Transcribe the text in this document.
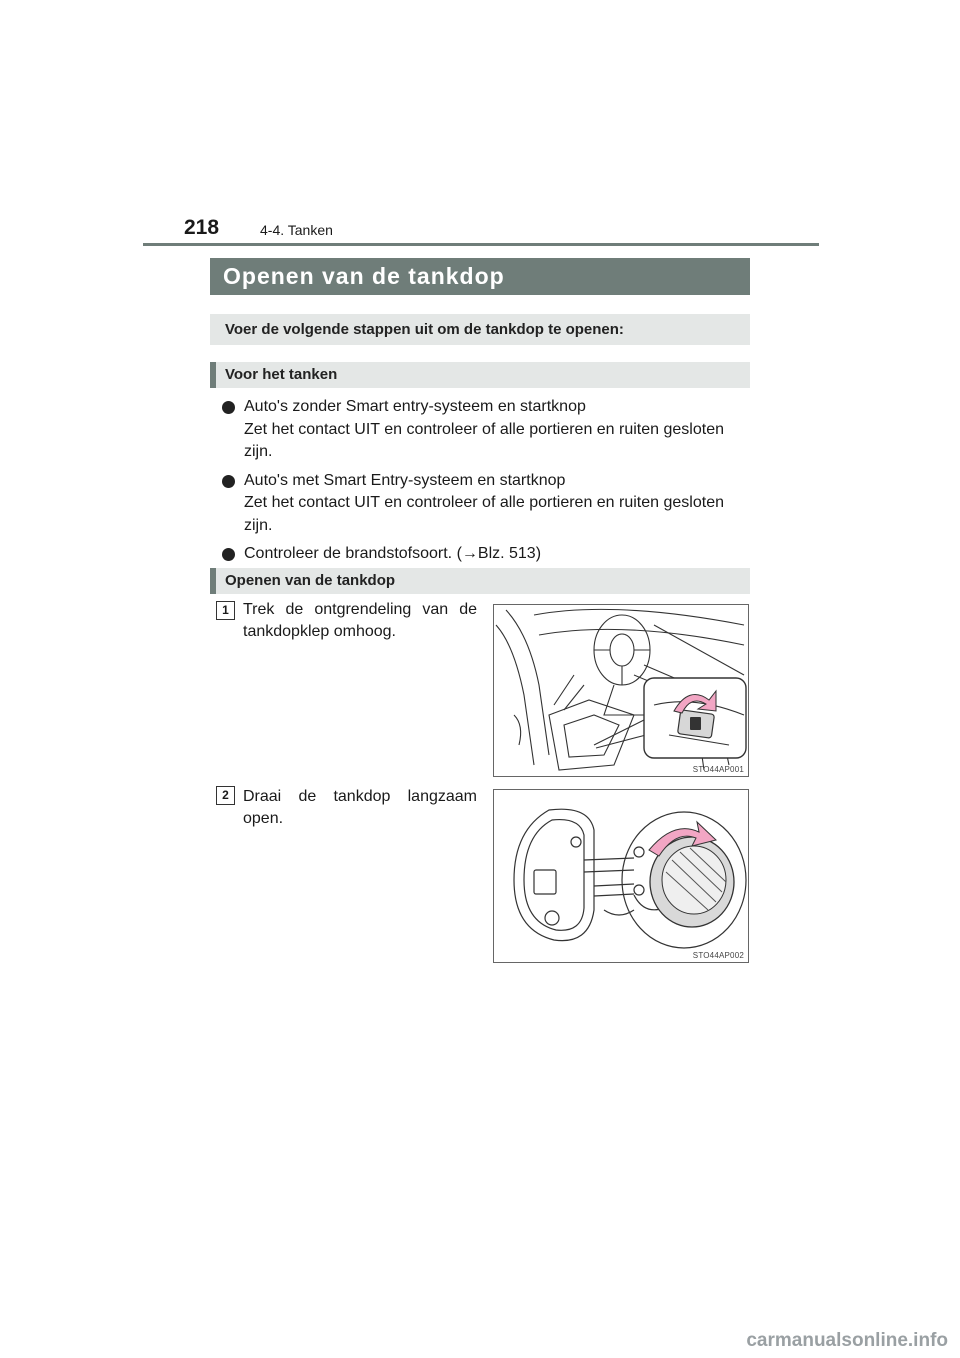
218	4-4. Tanken
Openen van de tankdop
Voer de volgende stappen uit om de tankdop te openen:
Voor het tanken
Auto's zonder Smart entry-systeem en startknop
Zet het contact UIT en controleer of alle portieren en ruiten gesloten zijn.
Auto's met Smart Entry-systeem en startknop
Zet het contact UIT en controleer of alle portieren en ruiten gesloten zijn.
Controleer de brandstofsoort. (→Blz. 513)
Openen van de tankdop
1 Trek de ontgrendeling van de tankdopklep omhoog.
STO44AP001
2 Draai de tankdop langzaam open.
STO44AP002
carmanualsonline.info
